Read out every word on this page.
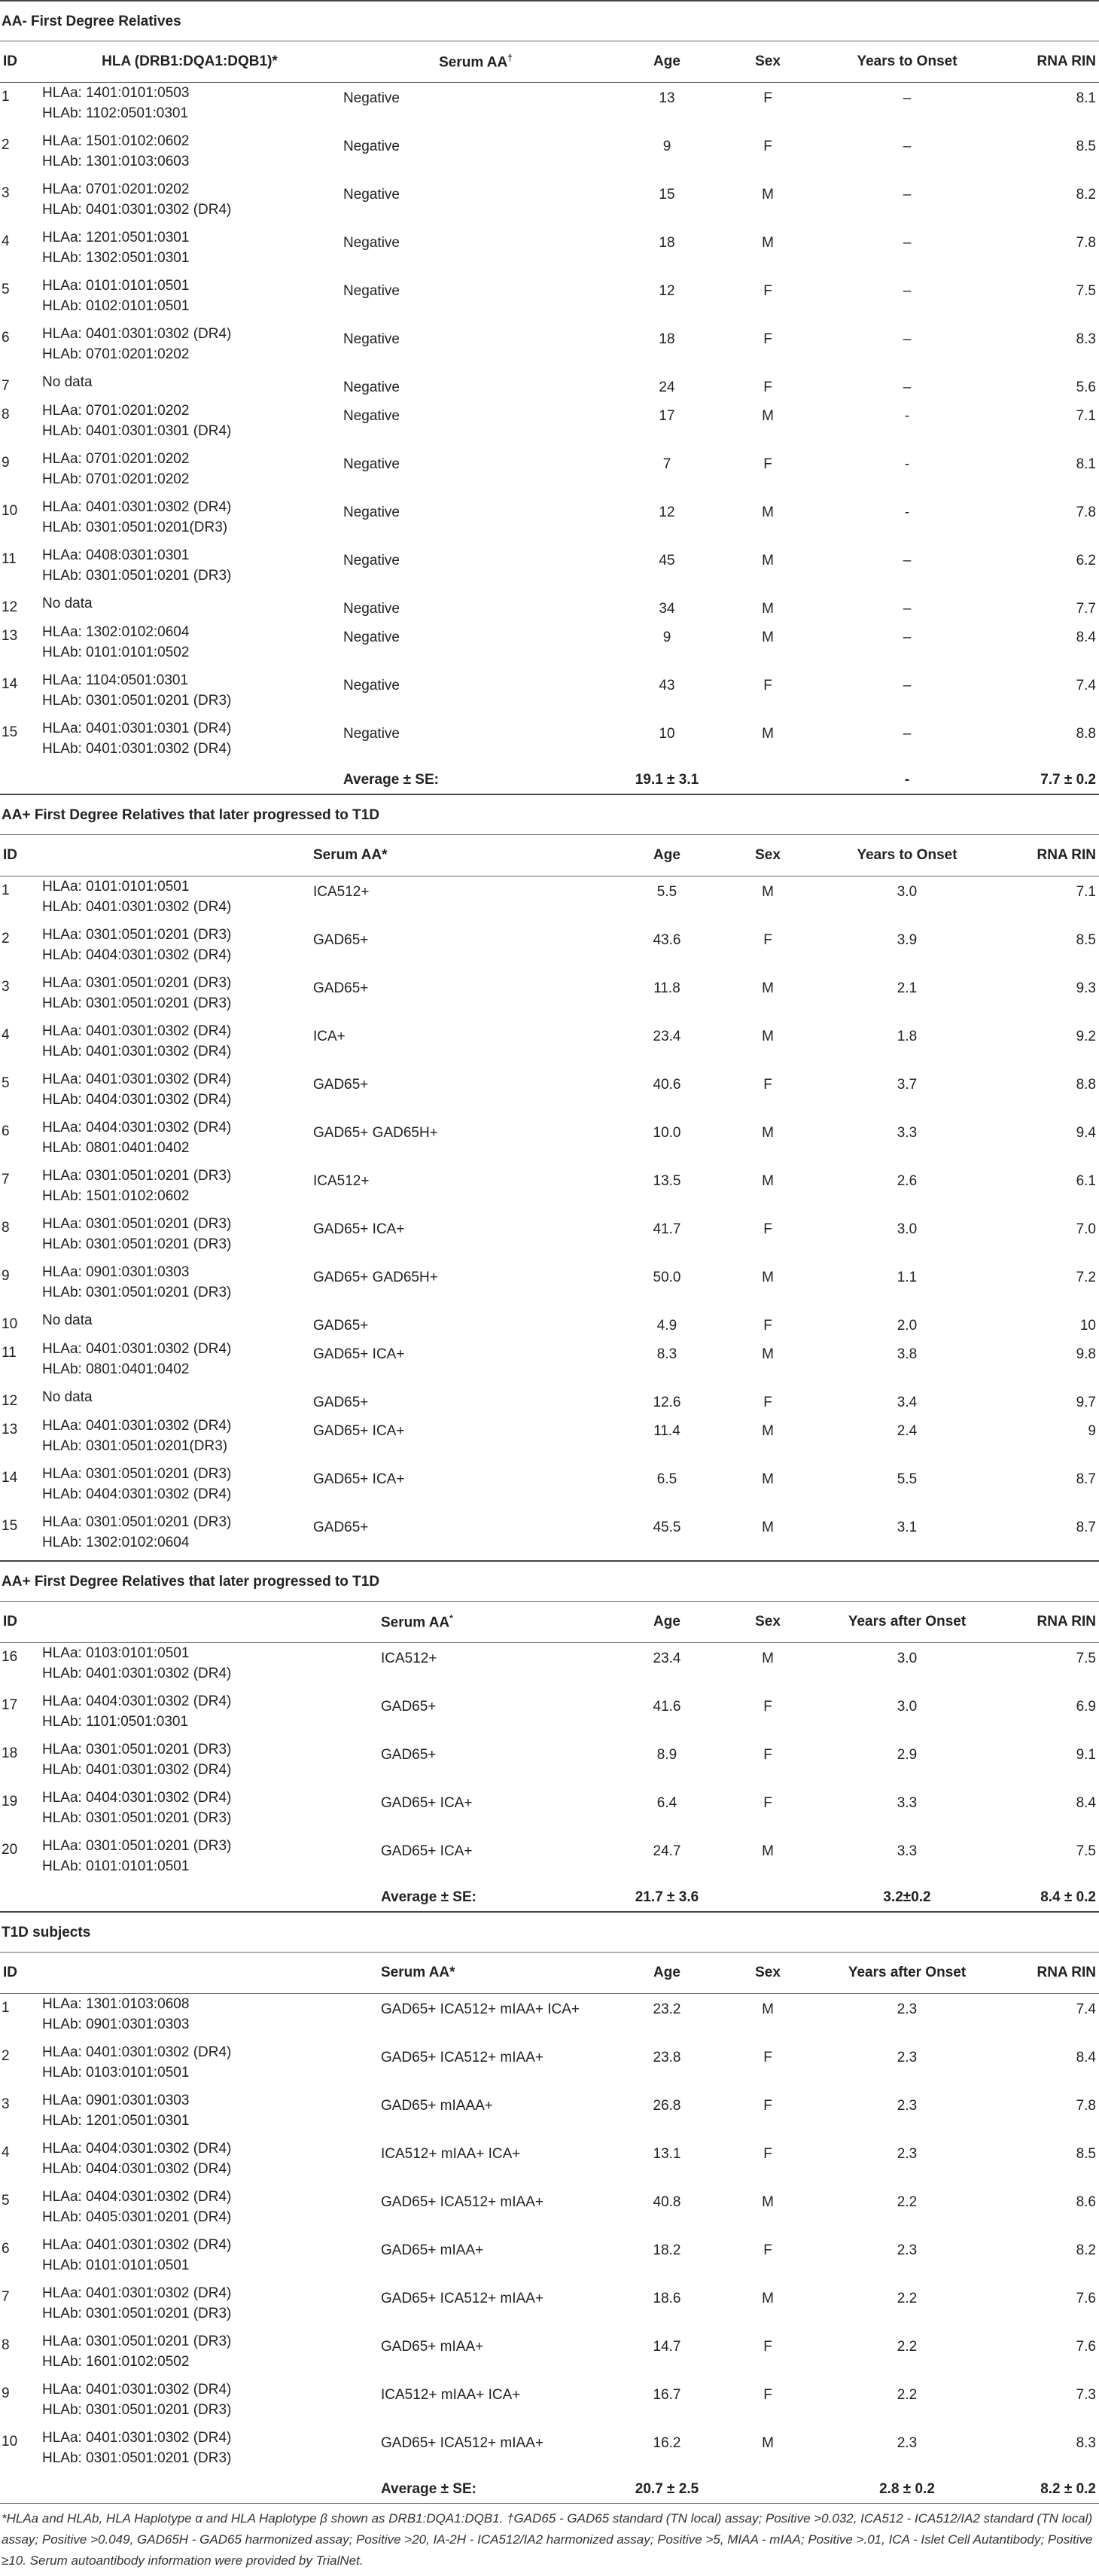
AA- First Degree Relatives
ID	HLA (DRB1:DQA1:DQB1)*	Serum AA†	Age	Sex	Years to Onset	RNA RIN
1	HLAa: 1401:0101:0503
HLAb: 1102:0501:0301	Negative	13	F	–	8.1
2	HLAa: 1501:0102:0602
HLAb: 1301:0103:0603	Negative	9	F	–	8.5
3	HLAa: 0701:0201:0202
HLAb: 0401:0301:0302 (DR4)	Negative	15	M	–	8.2
4	HLAa: 1201:0501:0301
HLAb: 1302:0501:0301	Negative	18	M	–	7.8
5	HLAa: 0101:0101:0501
HLAb: 0102:0101:0501	Negative	12	F	–	7.5
6	HLAa: 0401:0301:0302 (DR4)
HLAb: 0701:0201:0202	Negative	18	F	–	8.3
7	No data	Negative	24	F	–	5.6
8	HLAa: 0701:0201:0202
HLAb: 0401:0301:0301 (DR4)	Negative	17	M	-	7.1
9	HLAa: 0701:0201:0202
HLAb: 0701:0201:0202	Negative	7	F	-	8.1
10	HLAa: 0401:0301:0302 (DR4)
HLAb: 0301:0501:0201(DR3)	Negative	12	M	-	7.8
11	HLAa: 0408:0301:0301
HLAb: 0301:0501:0201 (DR3)	Negative	45	M	–	6.2
12	No data	Negative	34	M	–	7.7
13	HLAa: 1302:0102:0604
HLAb: 0101:0101:0502	Negative	9	M	–	8.4
14	HLAa: 1104:0501:0301
HLAb: 0301:0501:0201 (DR3)	Negative	43	F	–	7.4
15	HLAa: 0401:0301:0301 (DR4)
HLAb: 0401:0301:0302 (DR4)	Negative	10	M	–	8.8
		Average ± SE:	19.1 ± 3.1		-	7.7 ± 0.2
AA+ First Degree Relatives that later progressed to T1D
ID		Serum AA*	Age	Sex	Years to Onset	RNA RIN
1	HLAa: 0101:0101:0501
HLAb: 0401:0301:0302 (DR4)	ICA512+	5.5	M	3.0	7.1
2	HLAa: 0301:0501:0201 (DR3)
HLAb: 0404:0301:0302 (DR4)	GAD65+	43.6	F	3.9	8.5
3	HLAa: 0301:0501:0201 (DR3)
HLAb: 0301:0501:0201 (DR3)	GAD65+	11.8	M	2.1	9.3
4	HLAa: 0401:0301:0302 (DR4)
HLAb: 0401:0301:0302 (DR4)	ICA+	23.4	M	1.8	9.2
5	HLAa: 0401:0301:0302 (DR4)
HLAb: 0404:0301:0302 (DR4)	GAD65+	40.6	F	3.7	8.8
6	HLAa: 0404:0301:0302 (DR4)
HLAb: 0801:0401:0402	GAD65+ GAD65H+	10.0	M	3.3	9.4
7	HLAa: 0301:0501:0201 (DR3)
HLAb: 1501:0102:0602	ICA512+	13.5	M	2.6	6.1
8	HLAa: 0301:0501:0201 (DR3)
HLAb: 0301:0501:0201 (DR3)	GAD65+ ICA+	41.7	F	3.0	7.0
9	HLAa: 0901:0301:0303
HLAb: 0301:0501:0201 (DR3)	GAD65+ GAD65H+	50.0	M	1.1	7.2
10	No data	GAD65+	4.9	F	2.0	10
11	HLAa: 0401:0301:0302 (DR4)
HLAb: 0801:0401:0402	GAD65+ ICA+	8.3	M	3.8	9.8
12	No data	GAD65+	12.6	F	3.4	9.7
13	HLAa: 0401:0301:0302 (DR4)
HLAb: 0301:0501:0201(DR3)	GAD65+ ICA+	11.4	M	2.4	9
14	HLAa: 0301:0501:0201 (DR3)
HLAb: 0404:0301:0302 (DR4)	GAD65+ ICA+	6.5	M	5.5	8.7
15	HLAa: 0301:0501:0201 (DR3)
HLAb: 1302:0102:0604	GAD65+	45.5	M	3.1	8.7
AA+ First Degree Relatives that later progressed to T1D
ID		Serum AA*	Age	Sex	Years after Onset	RNA RIN
16	HLAa: 0103:0101:0501
HLAb: 0401:0301:0302 (DR4)	ICA512+	23.4	M	3.0	7.5
17	HLAa: 0404:0301:0302 (DR4)
HLAb: 1101:0501:0301	GAD65+	41.6	F	3.0	6.9
18	HLAa: 0301:0501:0201 (DR3)
HLAb: 0401:0301:0302 (DR4)	GAD65+	8.9	F	2.9	9.1
19	HLAa: 0404:0301:0302 (DR4)
HLAb: 0301:0501:0201 (DR3)	GAD65+ ICA+	6.4	F	3.3	8.4
20	HLAa: 0301:0501:0201 (DR3)
HLAb: 0101:0101:0501	GAD65+ ICA+	24.7	M	3.3	7.5
		Average ± SE:	21.7 ± 3.6		3.2±0.2	8.4 ± 0.2
T1D subjects
ID		Serum AA*	Age	Sex	Years after Onset	RNA RIN
1	HLAa: 1301:0103:0608
HLAb: 0901:0301:0303	GAD65+ ICA512+ mIAA+ ICA+	23.2	M	2.3	7.4
2	HLAa: 0401:0301:0302 (DR4)
HLAb: 0103:0101:0501	GAD65+ ICA512+ mIAA+	23.8	F	2.3	8.4
3	HLAa: 0901:0301:0303
HLAb: 1201:0501:0301	GAD65+ mIAAA+	26.8	F	2.3	7.8
4	HLAa: 0404:0301:0302 (DR4)
HLAb: 0404:0301:0302 (DR4)	ICA512+ mIAA+ ICA+	13.1	F	2.3	8.5
5	HLAa: 0404:0301:0302 (DR4)
HLAb: 0405:0301:0201 (DR4)	GAD65+ ICA512+ mIAA+	40.8	M	2.2	8.6
6	HLAa: 0401:0301:0302 (DR4)
HLAb: 0101:0101:0501	GAD65+ mIAA+	18.2	F	2.3	8.2
7	HLAa: 0401:0301:0302 (DR4)
HLAb: 0301:0501:0201 (DR3)	GAD65+ ICA512+ mIAA+	18.6	M	2.2	7.6
8	HLAa: 0301:0501:0201 (DR3)
HLAb: 1601:0102:0502	GAD65+ mIAA+	14.7	F	2.2	7.6
9	HLAa: 0401:0301:0302 (DR4)
HLAb: 0301:0501:0201 (DR3)	ICA512+ mIAA+ ICA+	16.7	F	2.2	7.3
10	HLAa: 0401:0301:0302 (DR4)
HLAb: 0301:0501:0201 (DR3)	GAD65+ ICA512+ mIAA+	16.2	M	2.3	8.3
		Average ± SE:	20.7 ± 2.5		2.8 ± 0.2	8.2 ± 0.2
*HLAa and HLAb, HLA Haplotype α and HLA Haplotype β shown as DRB1:DQA1:DQB1. †GAD65 - GAD65 standard (TN local) assay; Positive >0.032, ICA512 - ICA512/IA2 standard (TN local) assay; Positive >0.049, GAD65H - GAD65 harmonized assay; Positive >20, IA-2H - ICA512/IA2 harmonized assay; Positive >5, MIAA - mIAA; Positive >.01, ICA - Islet Cell Autantibody; Positive ≥10. Serum autoantibody information were provided by TrialNet.
